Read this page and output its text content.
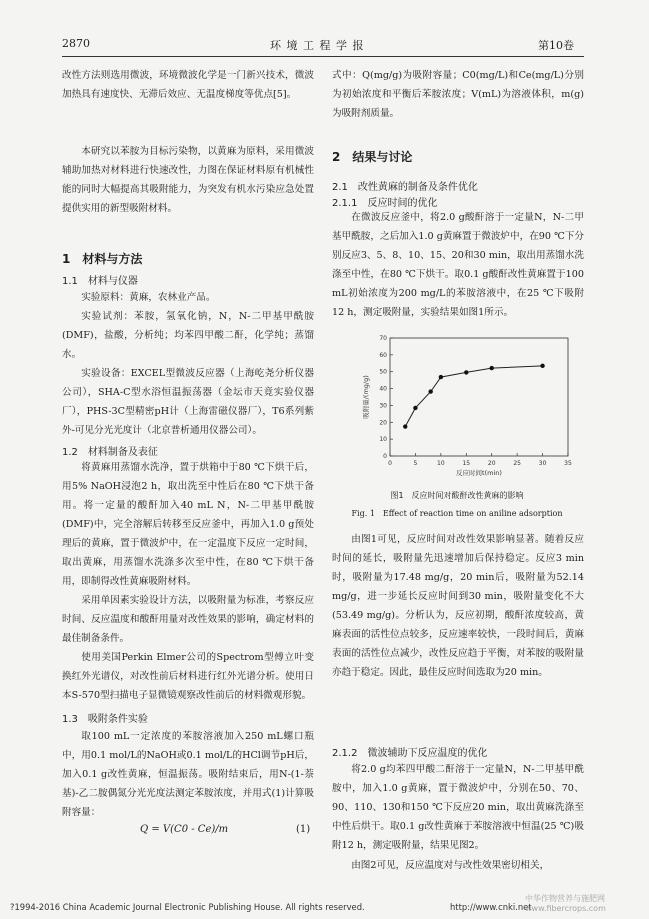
2870	环 境 工 程 学 报	第10卷

改性方法则选用微波，环境微波化学是一门新兴技术，微波加热具有速度快、无滞后效应、无温度梯度等优点[5]。

本研究以苯胺为目标污染物，以黄麻为原料，采用微波辅助加热对材料进行快速改性，力图在保证材料原有机械性能的同时大幅提高其吸附能力，为突发有机水污染应急处置提供实用的新型吸附材料。

1　材料与方法
1.1　材料与仪器

实验原料：黄麻，农林业产品。

实验试剂：苯胺，氢氧化钠，N，N-二甲基甲酰胺(DMF)，盐酸，分析纯；均苯四甲酸二酐，化学纯；蒸馏水。

实验设备：EXCEL型微波反应器（上海屹尧分析仪器公司），SHA-C型水浴恒温振荡器（金坛市天竟实验仪器厂），PHS-3C型精密pH计（上海雷磁仪器厂），T6系列紫外-可见分光光度计（北京普析通用仪器公司）。

1.2　材料制备及表征

将黄麻用蒸馏水洗净，置于烘箱中于80 ℃下烘干后，用5% NaOH浸泡2 h，取出洗至中性后在80 ℃下烘干备用。将一定量的酸酐加入40 mL N，N-二甲基甲酰胺(DMF)中，完全溶解后转移至反应釜中，再加入1.0 g预处理后的黄麻，置于微波炉中，在一定温度下反应一定时间，取出黄麻，用蒸馏水洗涤多次至中性，在80 ℃下烘干备用，即制得改性黄麻吸附材料。

采用单因素实验设计方法，以吸附量为标准，考察反应时间、反应温度和酸酐用量对改性效果的影响，确定材料的最佳制备条件。

使用美国Perkin Elmer公司的Spectrom型傅立叶变换红外光谱仪，对改性前后材料进行红外光谱分析。使用日本S-570型扫描电子显微镜观察改性前后的材料微观形貌。

1.3　吸附条件实验

取100 mL一定浓度的苯胺溶液加入250 mL螺口瓶中，用0.1 mol/L的NaOH或0.1 mol/L的HCl调节pH后，加入0.1 g改性黄麻，恒温振荡。吸附结束后，用N-(1-萘基)-乙二胺偶氮分光光度法测定苯胺浓度，并用式(1)计算吸附容量：

Q = V(C0 - Ce)/m	(1)

式中：Q(mg/g)为吸附容量；C0(mg/L)和Ce(mg/L)分别为初始浓度和平衡后苯胺浓度；V(mL)为溶液体积，m(g)为吸附剂质量。

2　结果与讨论
2.1　改性黄麻的制备及条件优化
2.1.1　反应时间的优化

在微波反应釜中，将2.0 g酸酐溶于一定量N，N-二甲基甲酰胺，之后加入1.0 g黄麻置于微波炉中，在90 ℃下分别反应3、5、8、10、15、20和30 min，取出用蒸馏水洗涤至中性，在80 ℃下烘干。取0.1 g酸酐改性黄麻置于100 mL初始浓度为200 mg/L的苯胺溶液中，在25 ℃下吸附12 h，测定吸附量，实验结果如图1所示。

0	5	10	15	20	25	30	35
0
10
20
30
40
50
60
70
反应时间t(min)
吸附量/(mg/g)
图1　反应时间对酸酐改性黄麻的影响
Fig. 1　Effect of reaction time on aniline adsorption

由图1可见，反应时间对改性效果影响显著。随着反应时间的延长，吸附量先迅速增加后保持稳定。反应3 min时，吸附量为17.48 mg/g，20 min后，吸附量为52.14 mg/g，进一步延长反应时间到30 min，吸附量变化不大(53.49 mg/g)。分析认为，反应初期，酸酐浓度较高，黄麻表面的活性位点较多，反应速率较快，一段时间后，黄麻表面的活性位点减少，改性反应趋于平衡，对苯胺的吸附量亦趋于稳定。因此，最佳反应时间选取为20 min。

2.1.2　微波辅助下反应温度的优化

将2.0 g均苯四甲酸二酐溶于一定量N，N-二甲基甲酰胺中，加入1.0 g黄麻，置于微波炉中，分别在50、70、90、110、130和150 ℃下反应20 min，取出黄麻洗涤至中性后烘干。取0.1 g改性黄麻于苯胺溶液中恒温(25 ℃)吸附12 h，测定吸附量，结果见图2。

由图2可见，反应温度对与改性效果密切相关，

?1994-2016 China Academic Journal Electronic Publishing House. All rights reserved.	http://www.cnki.net
中华作物营养与施肥网 www.fibercrops.com
